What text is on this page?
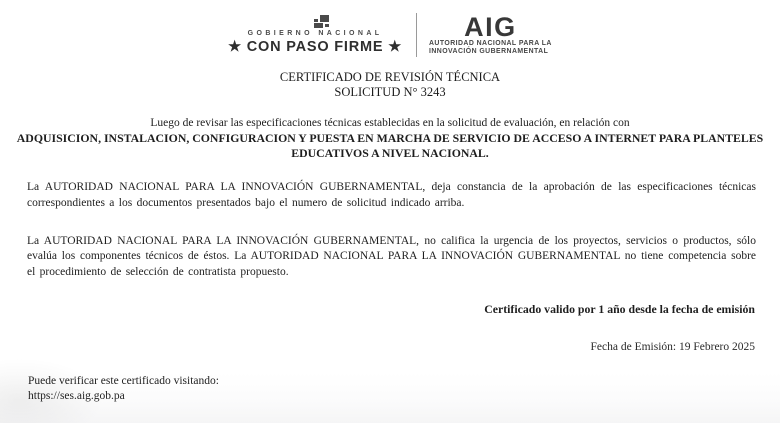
GOBIERNO NACIONAL
★ CON PASO FIRME ★
AIG
AUTORIDAD NACIONAL PARA LA
INNOVACIÓN GUBERNAMENTAL
CERTIFICADO DE REVISIÓN TÉCNICA
SOLICITUD N° 3243
Luego de revisar las especificaciones técnicas establecidas en la solicitud de evaluación, en relación con
ADQUISICION, INSTALACION, CONFIGURACION Y PUESTA EN MARCHA DE SERVICIO DE ACCESO A INTERNET PARA PLANTELES EDUCATIVOS A NIVEL NACIONAL.

La AUTORIDAD NACIONAL PARA LA INNOVACIÓN GUBERNAMENTAL, deja constancia de la aprobación de las especificaciones técnicas correspondientes a los documentos presentados bajo el numero de solicitud indicado arriba.

La AUTORIDAD NACIONAL PARA LA INNOVACIÓN GUBERNAMENTAL, no califica la urgencia de los proyectos, servicios o productos, sólo evalúa los componentes técnicos de éstos. La AUTORIDAD NACIONAL PARA LA INNOVACIÓN GUBERNAMENTAL no tiene competencia sobre el procedimiento de selección de contratista propuesto.

Certificado valido por 1 año desde la fecha de emisión
Fecha de Emisión: 19 Febrero 2025
Puede verificar este certificado visitando:
https://ses.aig.gob.pa
